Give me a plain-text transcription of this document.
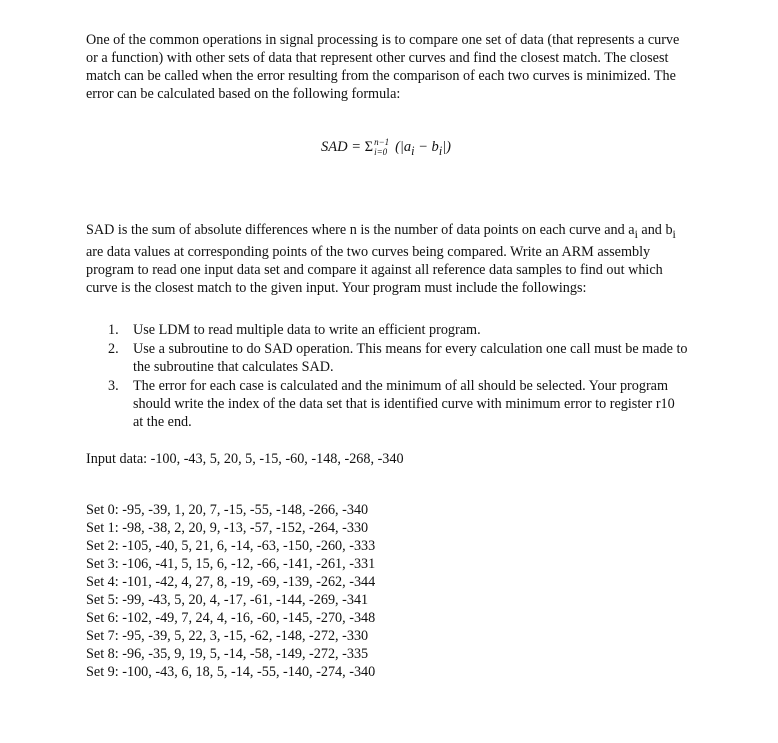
One of the common operations in signal processing is to compare one set of data (that represents a curve or a function) with other sets of data that represent other curves and find the closest match. The closest match can be called when the error resulting from the comparison of each two curves is minimized. The error can be calculated based on the following formula:

SAD = Σ n−1
i=0 $(|a_i - b_i|)$

SAD is the sum of absolute differences where n is the number of data points on each curve and $a_i$ and $b_i$ are data values at corresponding points of the two curves being compared. Write an ARM assembly program to read one input data set and compare it against all reference data samples to find out which curve is the closest match to the given input. Your program must include the followings:

1. Use LDM to read multiple data to write an efficient program.
2. Use a subroutine to do SAD operation. This means for every calculation one call must be made to the subroutine that calculates SAD.
3. The error for each case is calculated and the minimum of all should be selected. Your program should write the index of the data set that is identified curve with minimum error to register r10 at the end.
Input data: -100, -43, 5, 20, 5, -15, -60, -148, -268, -340
Set 0: -95, -39, 1, 20, 7, -15, -55, -148, -266, -340
Set 1: -98, -38, 2, 20, 9, -13, -57, -152, -264, -330
Set 2: -105, -40, 5, 21, 6, -14, -63, -150, -260, -333
Set 3: -106, -41, 5, 15, 6, -12, -66, -141, -261, -331
Set 4: -101, -42, 4, 27, 8, -19, -69, -139, -262, -344
Set 5: -99, -43, 5, 20, 4, -17, -61, -144, -269, -341
Set 6: -102, -49, 7, 24, 4, -16, -60, -145, -270, -348
Set 7: -95, -39, 5, 22, 3, -15, -62, -148, -272, -330
Set 8: -96, -35, 9, 19, 5, -14, -58, -149, -272, -335
Set 9: -100, -43, 6, 18, 5, -14, -55, -140, -274, -340
